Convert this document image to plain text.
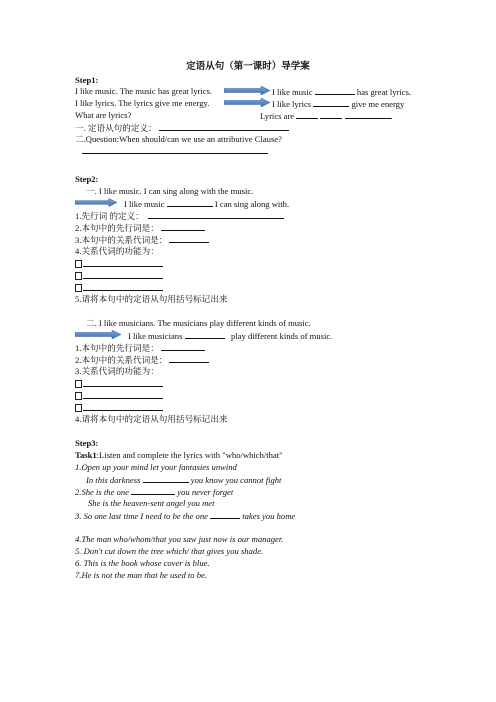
定语从句（第一课时）导学案
Step1:
I like music. The music has great lyrics.	I like music	has great lyrics.
I like lyrics. The lyrics give me energy.	I like lyrics	give me energy
What are lyrics?	Lyrics are	.
一. 定语从句的定义：
二.Question:When should/can we use an attributive Clause?
Step2:
一. I like music. I can sing along with the music.
I like music	I can sing along with.
1.先行词 的定义：
2.本句中的先行词是：
3.本句中的关系代词是：
4.关系代词的功能为：
5.请将本句中的定语从句用括号标记出来
二. I like musicians. The musicians play different kinds of music.
I like musicians	play different kinds of music.
1.本句中的先行词是：
2.本句中的关系代词是：
3.关系代词的功能为：
4.请将本句中的定语从句用括号标记出来
Step3:
Task1:Listen and complete the lyrics with "who/which/that"
1.Open up your mind let your fantasies unwind
In this darkness	you know you cannot fight
2.She is the one	you never forget
She is the heaven-sent angel you met
3. So one last time I need to be the one	takes you home
4.The man who/whom/that you saw just now is our manager.
5. Don't cut down the tree which/ that gives you shade.
6. This is the book whose cover is blue.
7.He is not the man that he used to be.
